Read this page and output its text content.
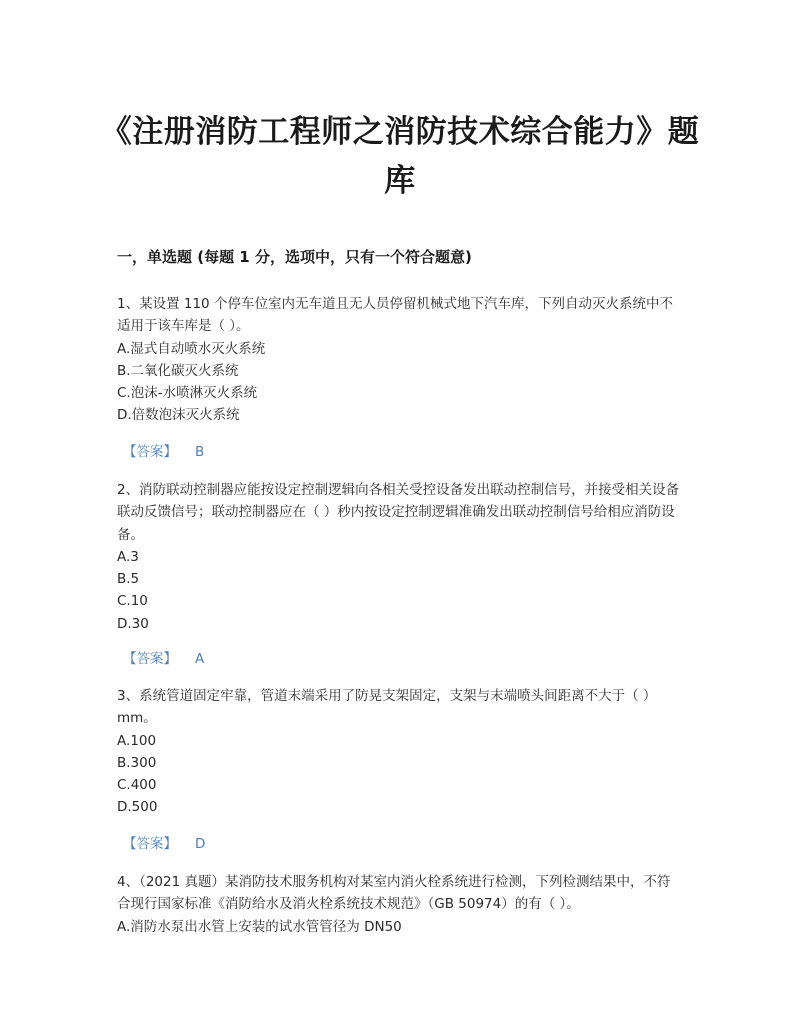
《注册消防工程师之消防技术综合能力》题库
一，单选题 (每题 1 分，选项中，只有一个符合题意)

1、某设置 110 个停车位室内无车道且无人员停留机械式地下汽车库，下列自动灭火系统中不适用于该车库是（ ）。

A.湿式自动喷水灭火系统

B.二氧化碳灭火系统

C.泡沫-水喷淋灭火系统

D.倍数泡沫灭火系统

【答案】 B

2、消防联动控制器应能按设定控制逻辑向各相关受控设备发出联动控制信号，并接受相关设备联动反馈信号；联动控制器应在（ ）秒内按设定控制逻辑准确发出联动控制信号给相应消防设备。

A.3

B.5

C.10

D.30

【答案】 A

3、系统管道固定牢靠，管道末端采用了防晃支架固定，支架与末端喷头间距离不大于（ ）mm。

A.100

B.300

C.400

D.500

【答案】 D

4、（2021 真题）某消防技术服务机构对某室内消火栓系统进行检测，下列检测结果中，不符合现行国家标准《消防给水及消火栓系统技术规范》（GB 50974）的有（ ）。

A.消防水泵出水管上安装的试水管管径为 DN50
